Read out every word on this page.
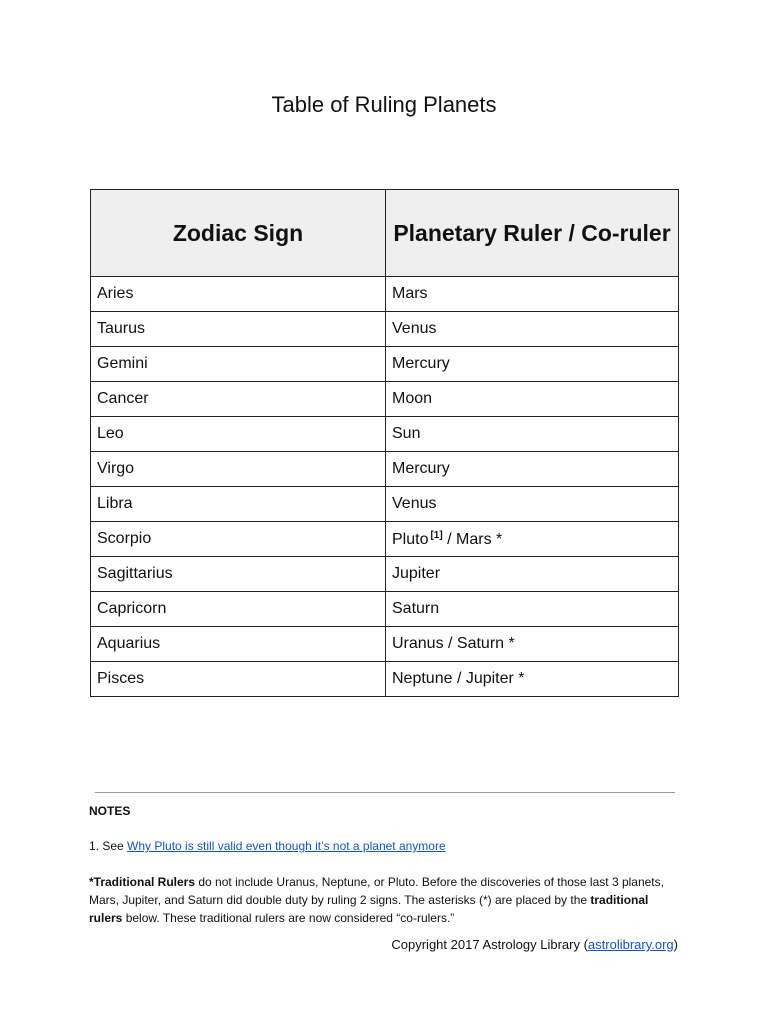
Table of Ruling Planets
Zodiac Sign	Planetary Ruler / Co-ruler
Aries	Mars
Taurus	Venus
Gemini	Mercury
Cancer	Moon
Leo	Sun
Virgo	Mercury
Libra	Venus
Scorpio	Pluto [1] / Mars *
Sagittarius	Jupiter
Capricorn	Saturn
Aquarius	Uranus / Saturn *
Pisces	Neptune / Jupiter *
NOTES
1. See Why Pluto is still valid even though it’s not a planet anymore
*Traditional Rulers do not include Uranus, Neptune, or Pluto. Before the discoveries of those last 3 planets, Mars, Jupiter, and Saturn did double duty by ruling 2 signs. The asterisks (*) are placed by the traditional rulers below. These traditional rulers are now considered “co-rulers.”
Copyright 2017 Astrology Library (astrolibrary.org)
